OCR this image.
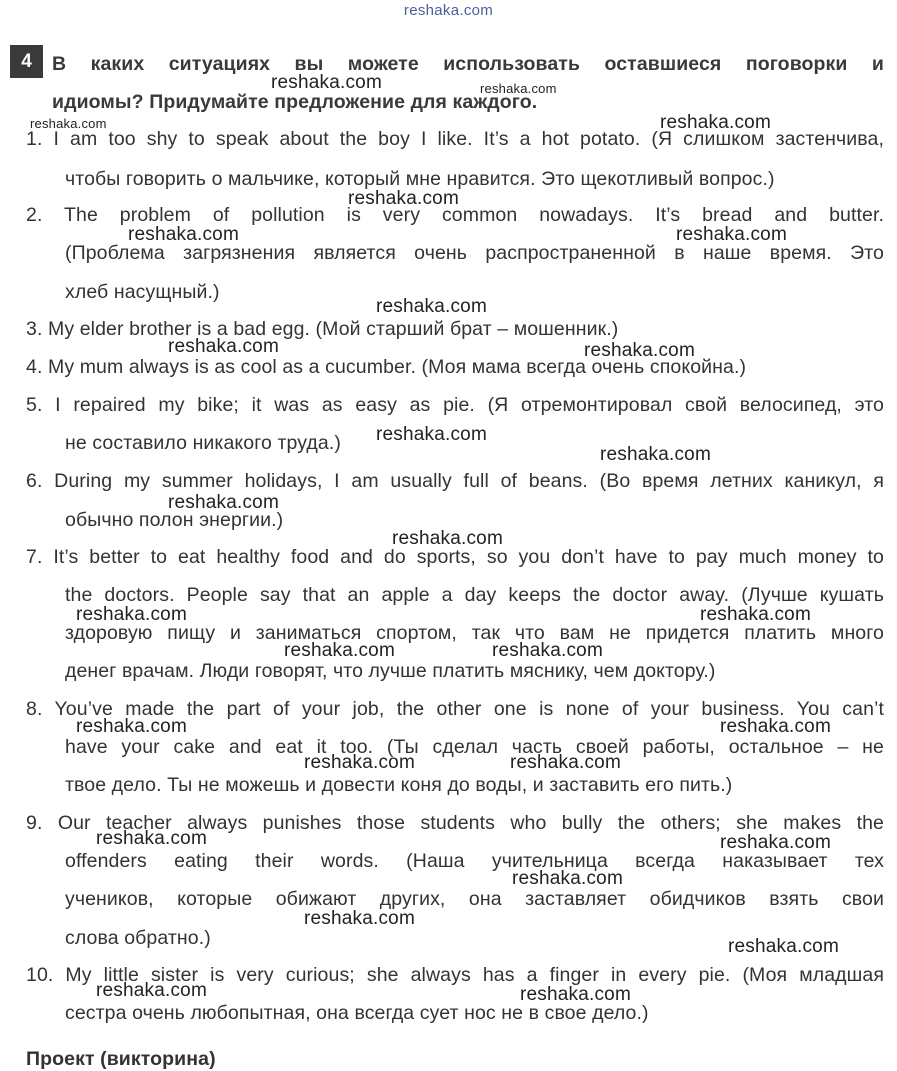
reshaka.com
4	В каких ситуациях вы можете использовать оставшиеся поговорки и
идиомы? Придумайте предложение для каждого.
1. I am too shy to speak about the boy I like. It’s a hot potato. (Я слишком застенчива,
чтобы говорить о мальчике, который мне нравится. Это щекотливый вопрос.)
2. The problem of pollution is very common nowadays. It’s bread and butter.
(Проблема загрязнения является очень распространенной в наше время. Это
хлеб насущный.)
3. My elder brother is a bad egg. (Мой старший брат – мошенник.)
4. My mum always is as cool as a cucumber. (Моя мама всегда очень спокойна.)
5. I repaired my bike; it was as easy as pie. (Я отремонтировал свой велосипед, это
не составило никакого труда.)
6. During my summer holidays, I am usually full of beans. (Во время летних каникул, я
обычно полон энергии.)
7. It’s better to eat healthy food and do sports, so you don’t have to pay much money to
the doctors. People say that an apple a day keeps the doctor away. (Лучше кушать
здоровую пищу и заниматься спортом, так что вам не придется платить много
денег врачам. Люди говорят, что лучше платить мяснику, чем доктору.)
8. You’ve made the part of your job, the other one is none of your business. You can’t
have your cake and eat it too. (Ты сделал часть своей работы, остальное – не
твое дело. Ты не можешь и довести коня до воды, и заставить его пить.)
9. Our teacher always punishes those students who bully the others; she makes the
offenders eating their words. (Наша учительница всегда наказывает тех
учеников, которые обижают других, она заставляет обидчиков взять свои
слова обратно.)
10. My little sister is very curious; she always has a finger in every pie. (Моя младшая
сестра очень любопытная, она всегда сует нос не в свое дело.)
Проект (викторина)
reshaka.com	reshaka.com
reshaka.com	reshaka.com
reshaka.com
reshaka.com	reshaka.com
reshaka.com
reshaka.com	reshaka.com
reshaka.com
reshaka.com
reshaka.com
reshaka.com
reshaka.com	reshaka.com
reshaka.com	reshaka.com
reshaka.com	reshaka.com
reshaka.com	reshaka.com
reshaka.com	reshaka.com
reshaka.com
reshaka.com
reshaka.com
reshaka.com	reshaka.com
